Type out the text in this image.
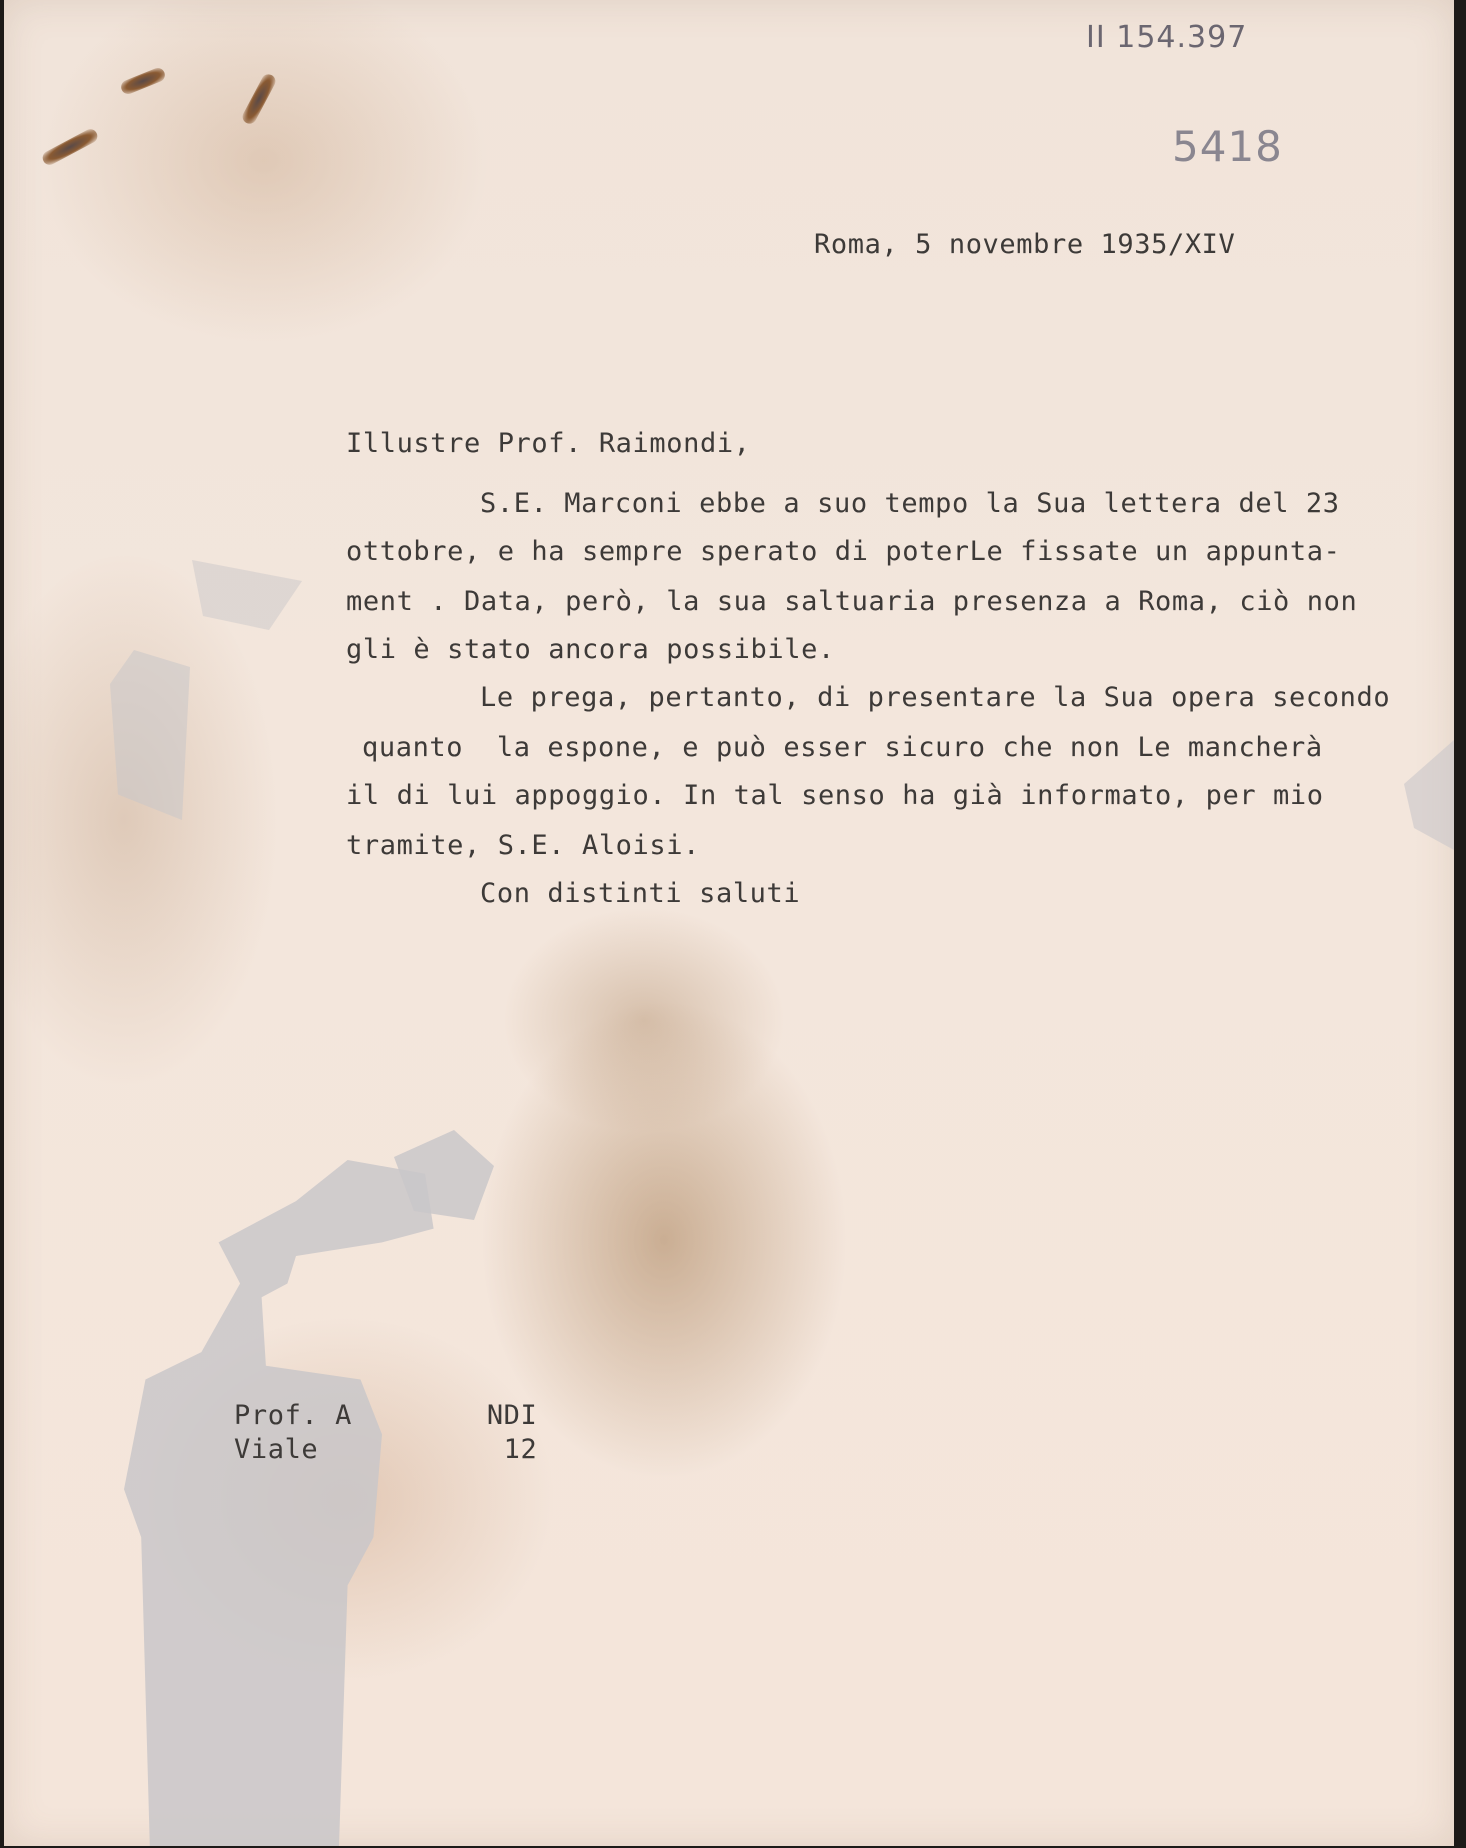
II 154.397
5418
Roma, 5 novembre 1935/XIV
Illustre Prof. Raimondi,
S.E. Marconi ebbe a suo tempo la Sua lettera del 23
ottobre, e ha sempre sperato di poterLe fissate un appunta-
ment . Data, però, la sua saltuaria presenza a Roma, ciò non
gli è stato ancora possibile.
Le prega, pertanto, di presentare la Sua opera secondo
quanto  la espone, e può esser sicuro che non Le mancherà
il di lui appoggio. In tal senso ha già informato, per mio
tramite, S.E. Aloisi.
Con distinti saluti
Prof. A        NDI
Viale           12
